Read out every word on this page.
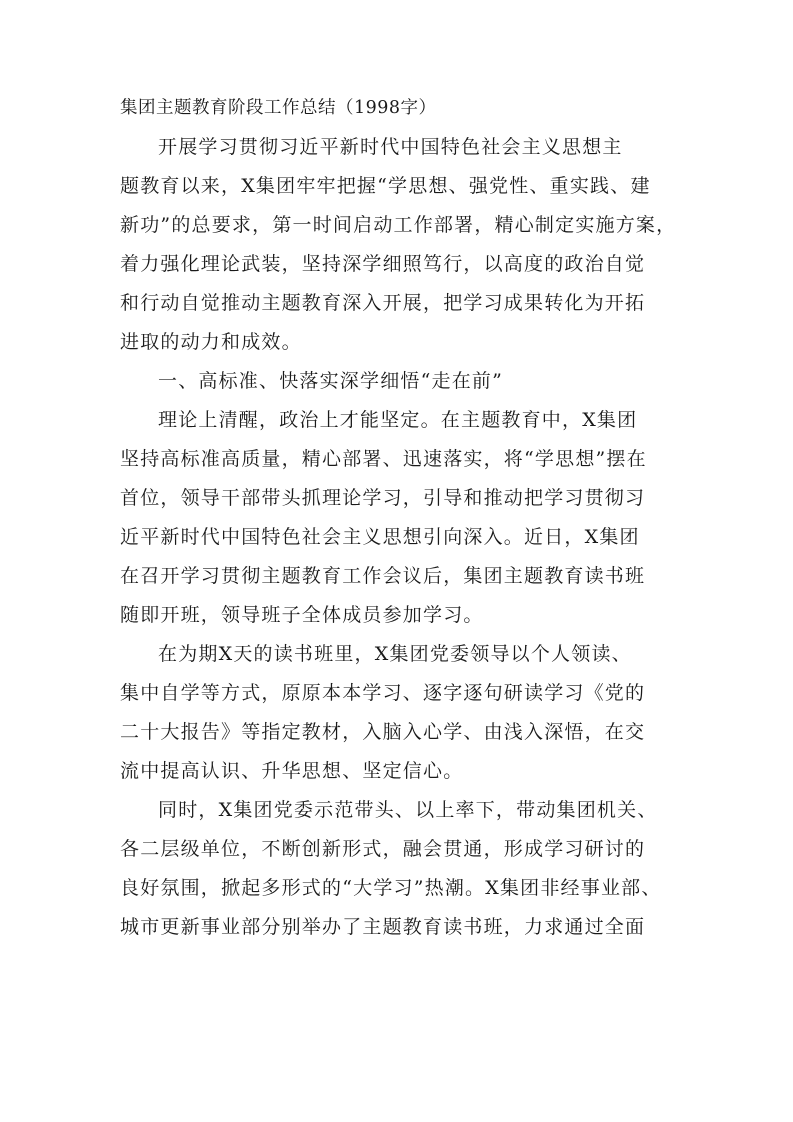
集团主题教育阶段工作总结（1998字）
开展学习贯彻习近平新时代中国特色社会主义思想主
题教育以来，X集团牢牢把握“学思想、强党性、重实践、建
新功”的总要求，第一时间启动工作部署，精心制定实施方案，
着力强化理论武装，坚持深学细照笃行，以高度的政治自觉
和行动自觉推动主题教育深入开展，把学习成果转化为开拓
进取的动力和成效。
一、高标准、快落实深学细悟“走在前”
理论上清醒，政治上才能坚定。在主题教育中，X集团
坚持高标准高质量，精心部署、迅速落实，将“学思想”摆在
首位，领导干部带头抓理论学习，引导和推动把学习贯彻习
近平新时代中国特色社会主义思想引向深入。近日，X集团
在召开学习贯彻主题教育工作会议后，集团主题教育读书班
随即开班，领导班子全体成员参加学习。
在为期X天的读书班里，X集团党委领导以个人领读、
集中自学等方式，原原本本学习、逐字逐句研读学习《党的
二十大报告》等指定教材，入脑入心学、由浅入深悟，在交
流中提高认识、升华思想、坚定信心。
同时，X集团党委示范带头、以上率下，带动集团机关、
各二层级单位，不断创新形式，融会贯通，形成学习研讨的
良好氛围，掀起多形式的“大学习”热潮。X集团非经事业部、
城市更新事业部分别举办了主题教育读书班，力求通过全面
